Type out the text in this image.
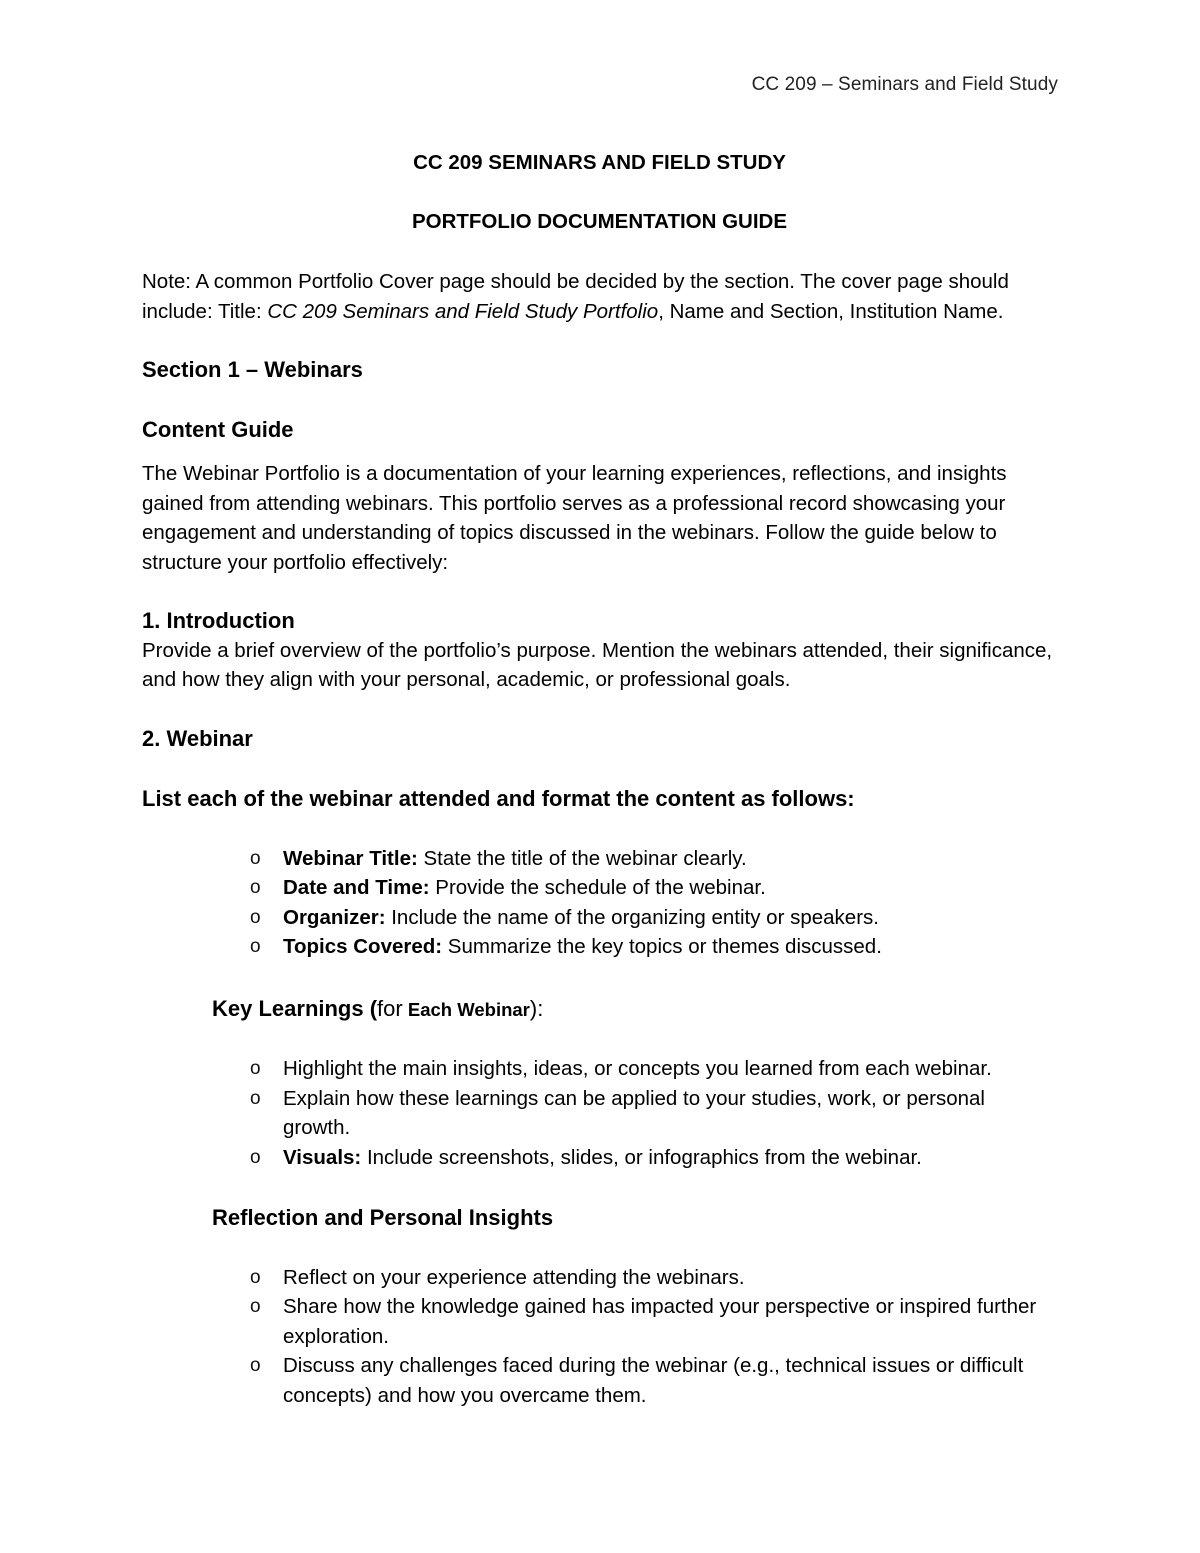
CC 209 – Seminars and Field Study

CC 209 SEMINARS AND FIELD STUDY

PORTFOLIO DOCUMENTATION GUIDE

Note: A common Portfolio Cover page should be decided by the section. The cover page should include: Title: CC 209 Seminars and Field Study Portfolio, Name and Section, Institution Name.

Section 1 – Webinars

Content Guide

The Webinar Portfolio is a documentation of your learning experiences, reflections, and insights gained from attending webinars. This portfolio serves as a professional record showcasing your engagement and understanding of topics discussed in the webinars. Follow the guide below to structure your portfolio effectively:

1. Introduction

Provide a brief overview of the portfolio’s purpose. Mention the webinars attended, their significance, and how they align with your personal, academic, or professional goals.

2. Webinar

List each of the webinar attended and format the content as follows:

o Webinar Title: State the title of the webinar clearly.
o Date and Time: Provide the schedule of the webinar.
o Organizer: Include the name of the organizing entity or speakers.
o Topics Covered: Summarize the key topics or themes discussed.

Key Learnings (for Each Webinar):

o Highlight the main insights, ideas, or concepts you learned from each webinar.
o Explain how these learnings can be applied to your studies, work, or personal growth.
o Visuals: Include screenshots, slides, or infographics from the webinar.

Reflection and Personal Insights

o Reflect on your experience attending the webinars.
o Share how the knowledge gained has impacted your perspective or inspired further exploration.
o Discuss any challenges faced during the webinar (e.g., technical issues or difficult concepts) and how you overcame them.
